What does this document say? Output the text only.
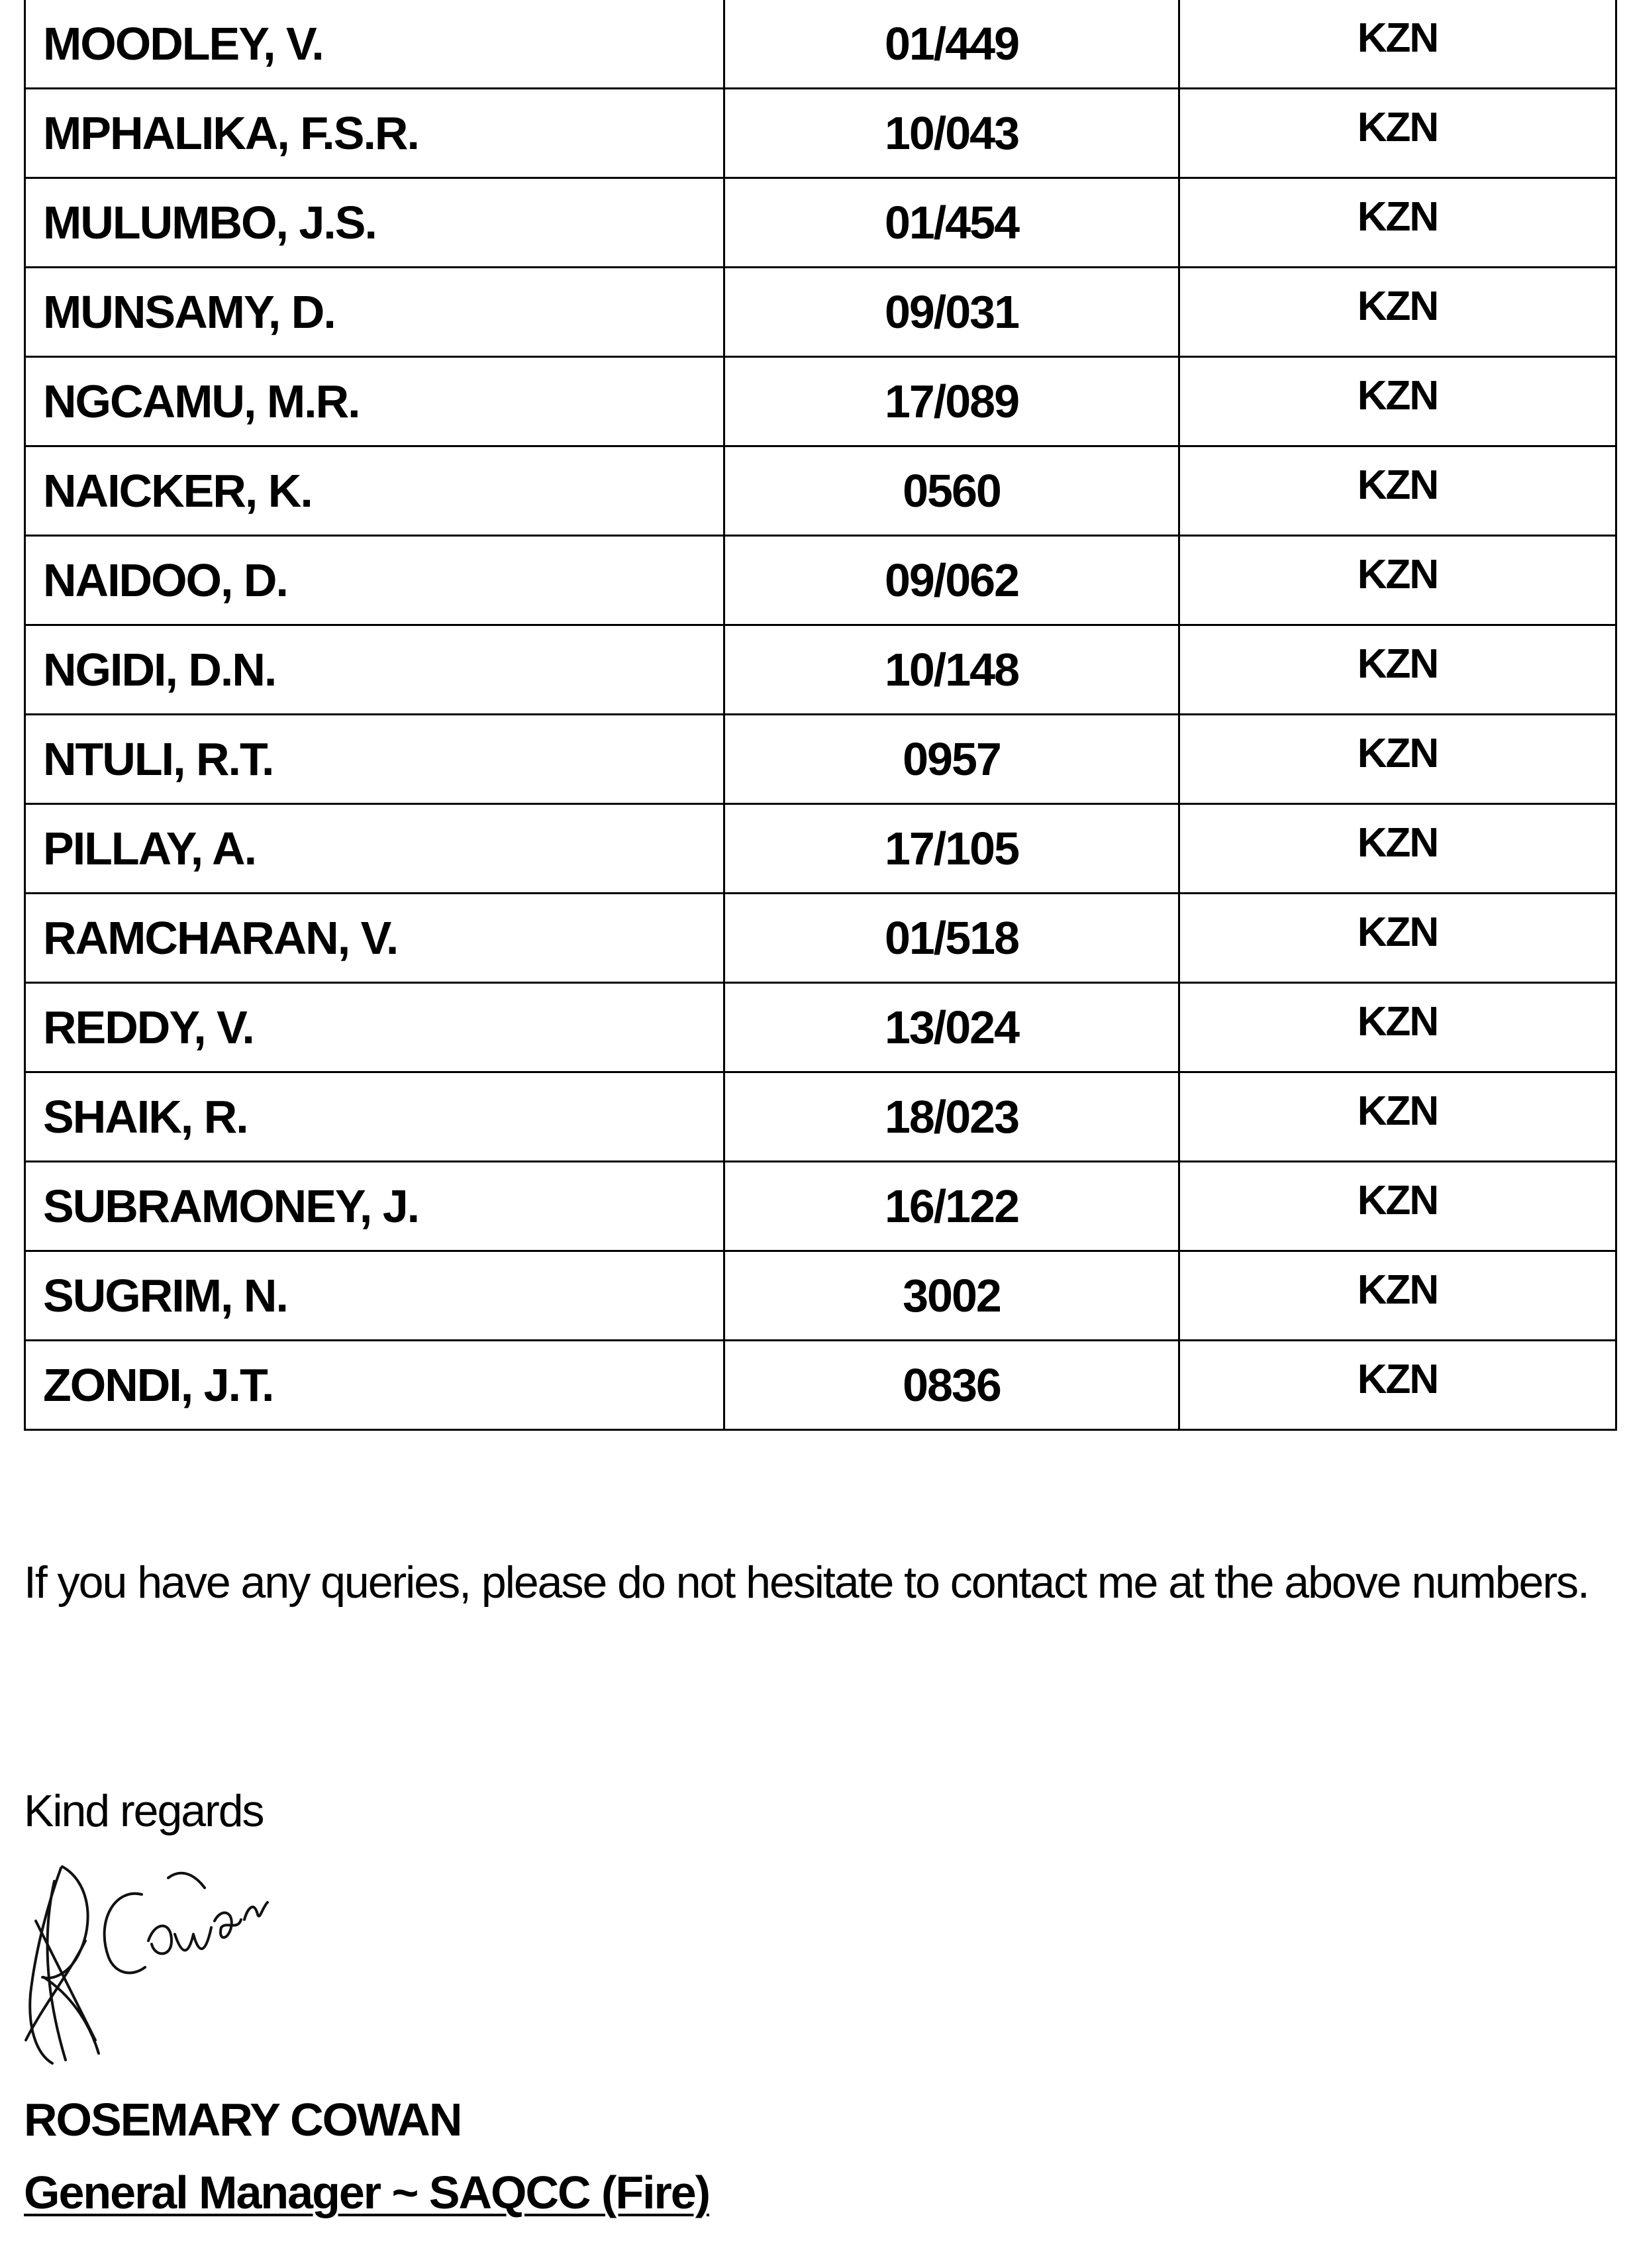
MOODLEY, V.	01/449	KZN
MPHALIKA, F.S.R.	10/043	KZN
MULUMBO, J.S.	01/454	KZN
MUNSAMY, D.	09/031	KZN
NGCAMU, M.R.	17/089	KZN
NAICKER, K.	0560	KZN
NAIDOO, D.	09/062	KZN
NGIDI, D.N.	10/148	KZN
NTULI, R.T.	0957	KZN
PILLAY, A.	17/105	KZN
RAMCHARAN, V.	01/518	KZN
REDDY, V.	13/024	KZN
SHAIK, R.	18/023	KZN
SUBRAMONEY, J.	16/122	KZN
SUGRIM, N.	3002	KZN
ZONDI, J.T.	0836	KZN
If you have any queries, please do not hesitate to contact me at the above numbers.
Kind regards
ROSEMARY COWAN
General Manager ~ SAQCC (Fire)
